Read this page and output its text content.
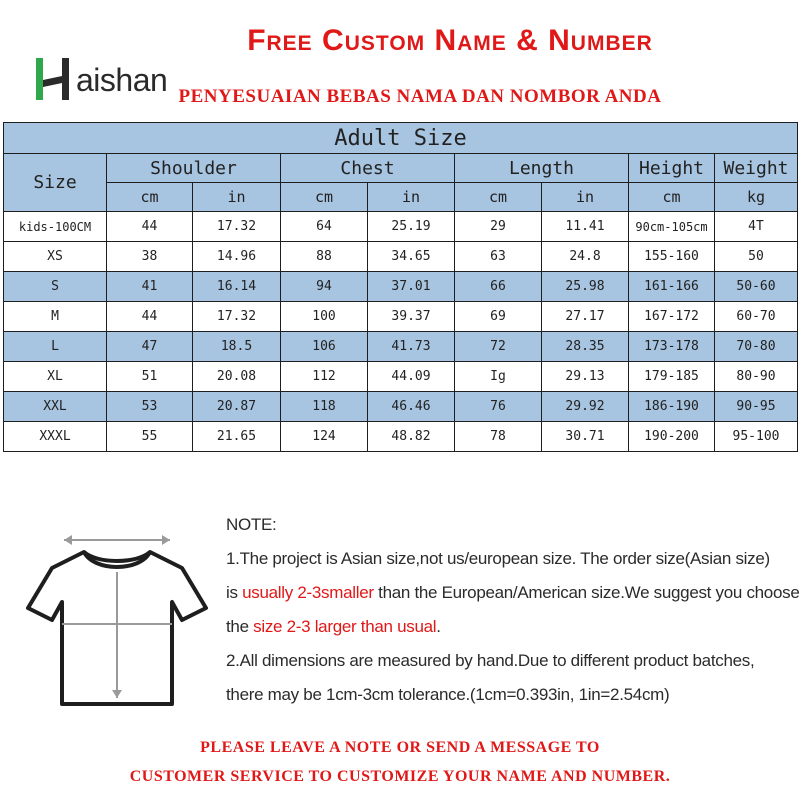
aishan
Free Custom Name & Number
PENYESUAIAN BEBAS NAMA DAN NOMBOR ANDA
Adult Size								
Size	Shoulder		Chest		Length		Height	Weight
	cm	in	cm	in	cm	in	cm	kg
kids-100CM	44	17.32	64	25.19	29	11.41	90cm-105cm	4T
XS	38	14.96	88	34.65	63	24.8	155-160	50
S	41	16.14	94	37.01	66	25.98	161-166	50-60
M	44	17.32	100	39.37	69	27.17	167-172	60-70
L	47	18.5	106	41.73	72	28.35	173-178	70-80
XL	51	20.08	112	44.09	Ig	29.13	179-185	80-90
XXL	53	20.87	118	46.46	76	29.92	186-190	90-95
XXXL	55	21.65	124	48.82	78	30.71	190-200	95-100
NOTE:
1.The project is Asian size,not us/european size. The order size(Asian size)
is usually 2-3smaller than the European/American size.We suggest you choose
the size 2-3 larger than usual.
2.All dimensions are measured by hand.Due to different product batches,
there may be 1cm-3cm tolerance.(1cm=0.393in, 1in=2.54cm)
PLEASE LEAVE A NOTE OR SEND A MESSAGE TO
CUSTOMER SERVICE TO CUSTOMIZE YOUR NAME AND NUMBER.
